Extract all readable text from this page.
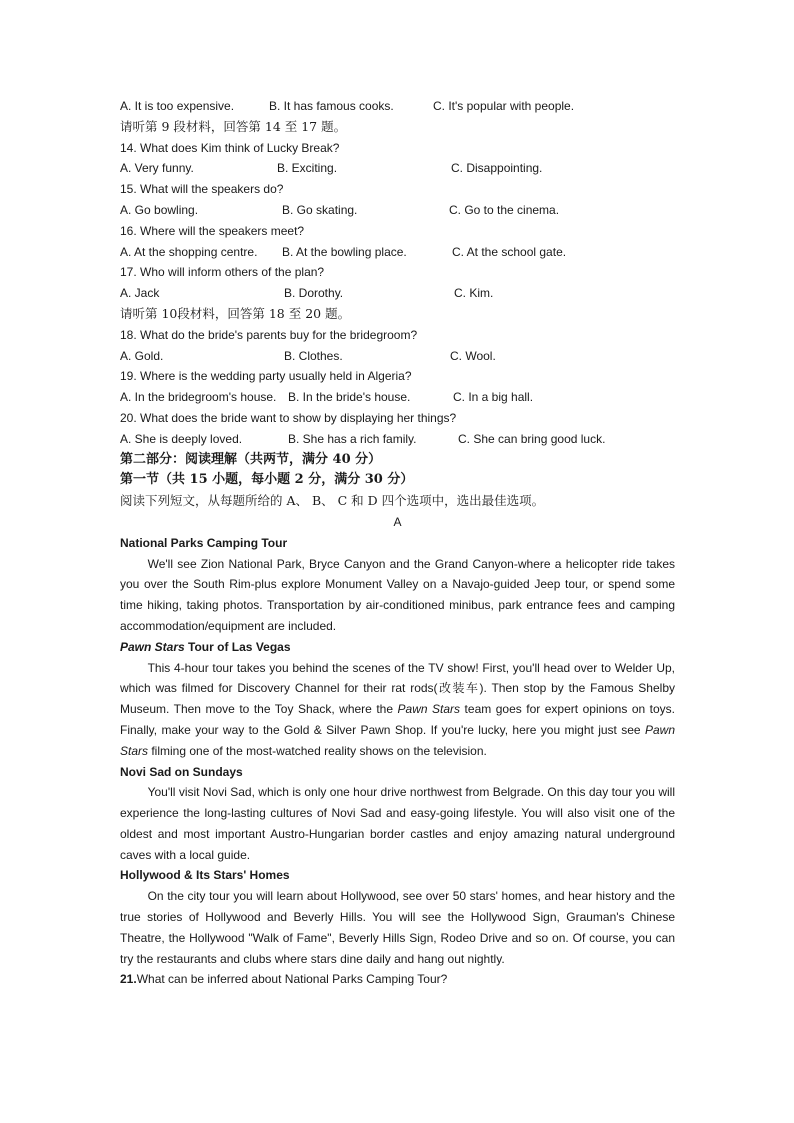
A. It is too expensive.	B. It has famous cooks.	C. It's popular with people.
请听第 9 段材料，回答第 14 至 17 题。
14. What does Kim think of Lucky Break?
A. Very funny.	B. Exciting.	C. Disappointing.
15. What will the speakers do?
A. Go bowling.	B. Go skating.	C. Go to the cinema.
16. Where will the speakers meet?
A. At the shopping centre. B. At the bowling place.	C. At the school gate.
17. Who will inform others of the plan?
A. Jack	B. Dorothy.	C. Kim.
请听第 10段材料，回答第 18 至 20 题。
18. What do the bride's parents buy for the bridegroom?
A. Gold.	B. Clothes.	C. Wool.
19. Where is the wedding party usually held in Algeria?
A. In the bridegroom's house. B. In the bride's house.	C. In a big hall.
20. What does the bride want to show by displaying her things?
A. She is deeply loved.	B. She has a rich family.	C. She can bring good luck.
第二部分：阅读理解（共两节，满分 40 分）
第一节（共 15 小题，每小题 2 分，满分 30 分）
阅读下列短文，从每题所给的 A、 B、 C 和 D 四个选项中，选出最佳选项。
A
National Parks Camping Tour

We'll see Zion National Park, Bryce Canyon and the Grand Canyon-where a helicopter ride takes you over the South Rim-plus explore Monument Valley on a Navajo-guided Jeep tour, or spend some time hiking, taking photos. Transportation by air-conditioned minibus, park entrance fees and camping accommodation/equipment are included.

Pawn Stars Tour of Las Vegas

This 4-hour tour takes you behind the scenes of the TV show! First, you'll head over to Welder Up, which was filmed for Discovery Channel for their rat rods(改装车). Then stop by the Famous Shelby Museum. Then move to the Toy Shack, where the Pawn Stars team goes for expert opinions on toys. Finally, make your way to the Gold & Silver Pawn Shop. If you're lucky, here you might just see Pawn Stars filming one of the most-watched reality shows on the television.

Novi Sad on Sundays

You'll visit Novi Sad, which is only one hour drive northwest from Belgrade. On this day tour you will experience the long-lasting cultures of Novi Sad and easy-going lifestyle. You will also visit one of the oldest and most important Austro-Hungarian border castles and enjoy amazing natural underground caves with a local guide.

Hollywood & Its Stars' Homes

On the city tour you will learn about Hollywood, see over 50 stars' homes, and hear history and the true stories of Hollywood and Beverly Hills. You will see the Hollywood Sign, Grauman's Chinese Theatre, the Hollywood "Walk of Fame", Beverly Hills Sign, Rodeo Drive and so on. Of course, you can try the restaurants and clubs where stars dine daily and hang out nightly.

21.What can be inferred about National Parks Camping Tour?
